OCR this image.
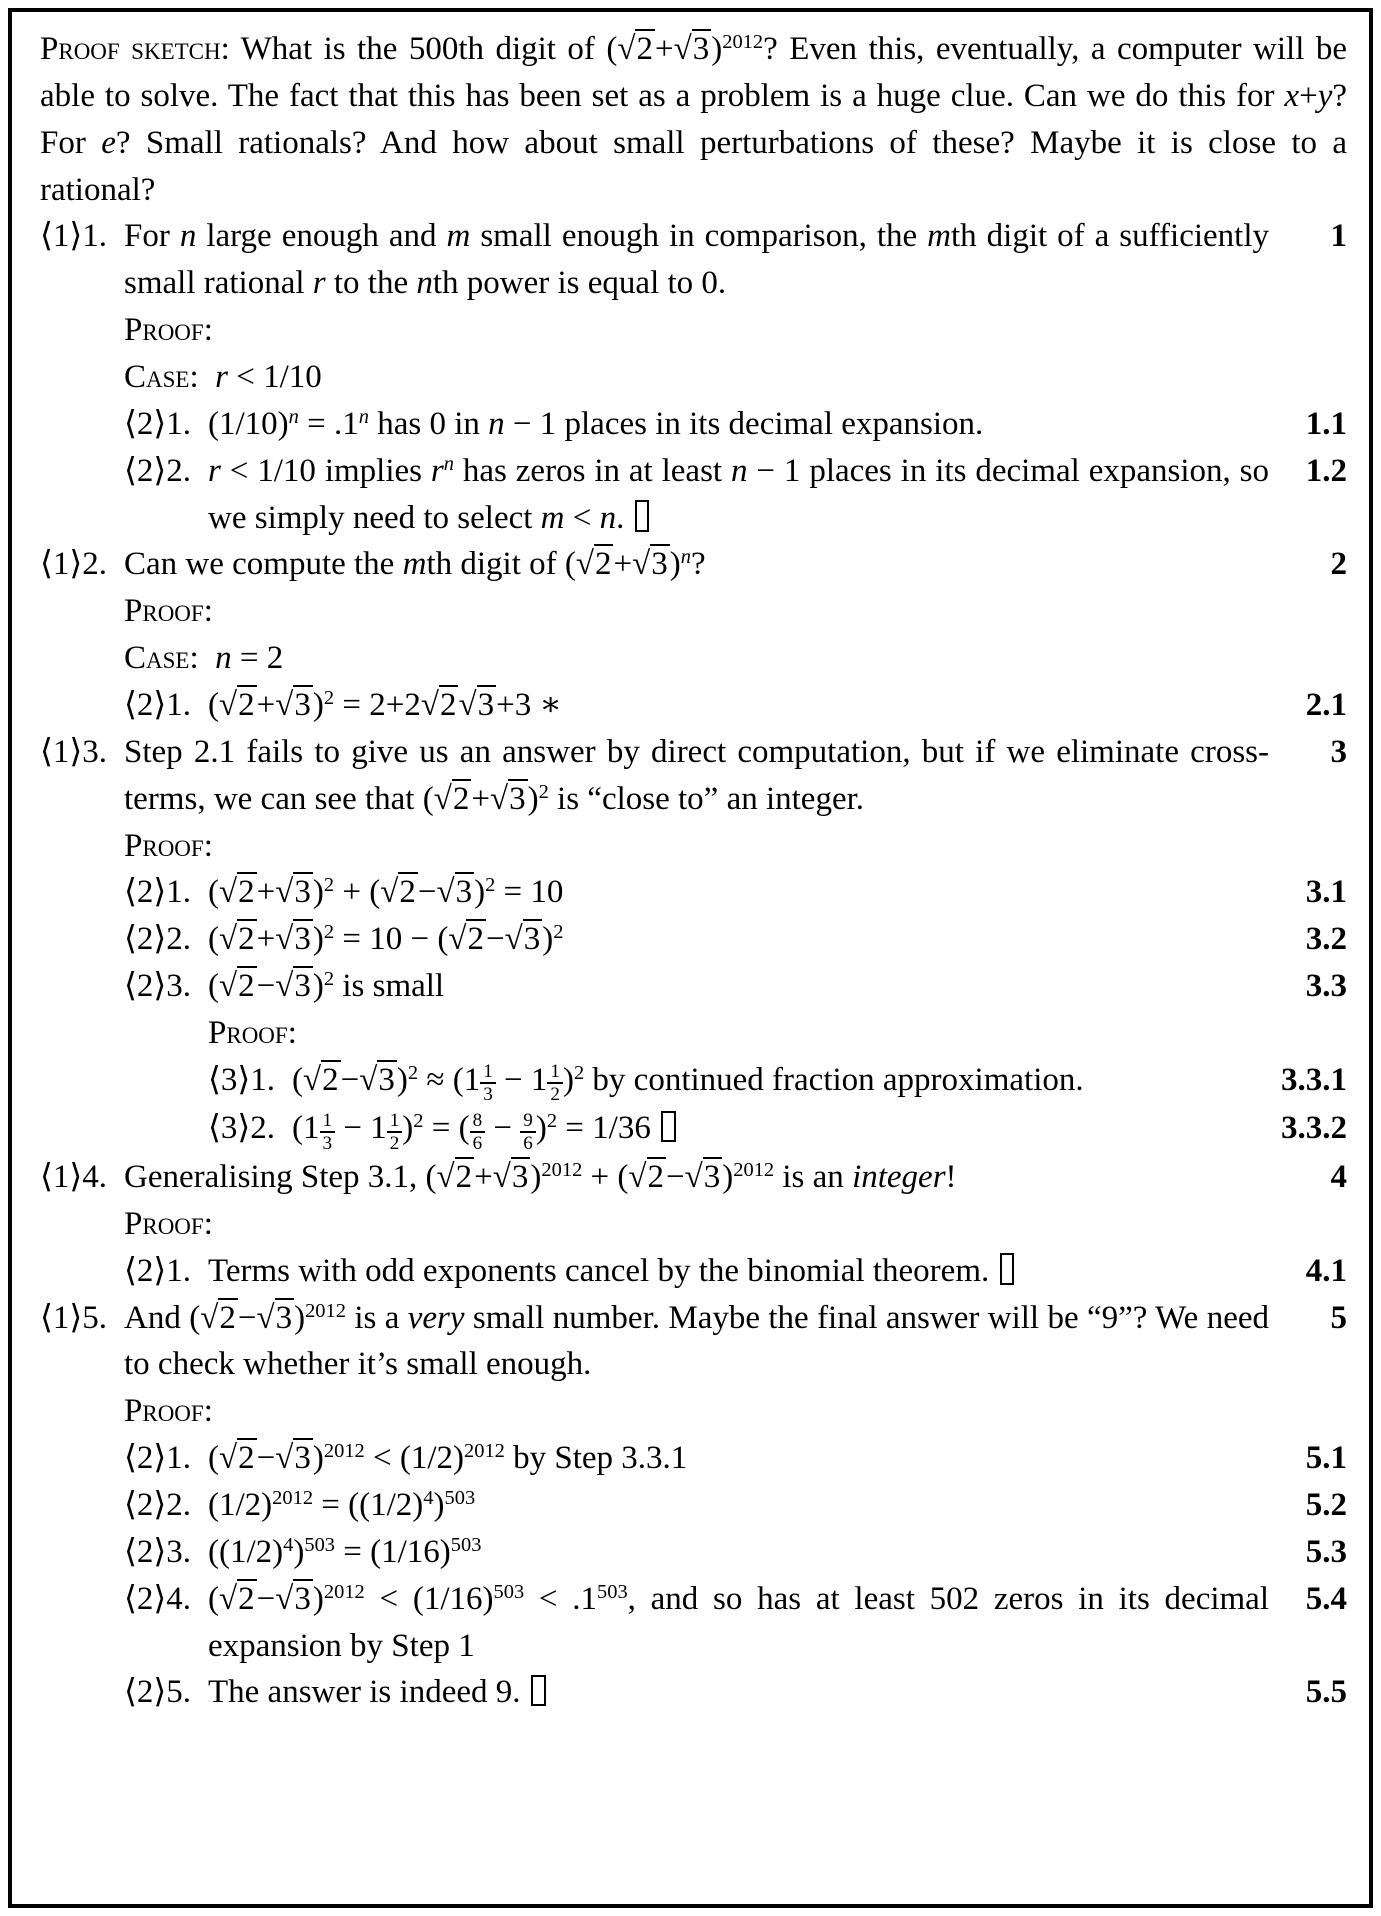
Proof sketch: What is the 500th digit of $(√2+√3)^{2012}$? Even this, eventually, a computer will be able to solve. The fact that this has been set as a problem is a huge clue. Can we do this for x+y? For e? Small rationals? And how about small perturbations of these? Maybe it is close to a rational?
⟨1⟩1. For n large enough and m small enough in comparison, the mth digit of a sufficiently small rational r to the nth power is equal to 0.
1
Proof:
Case: r < 1/10
⟨2⟩1. $(1/10)^n = .1^n$ has 0 in n − 1 places in its decimal expansion.	1.1
⟨2⟩2. r < 1/10 implies $r^n$ has zeros in at least n − 1 places in its decimal expansion, so we simply need to select m < n.
1.2
⟨1⟩2. Can we compute the mth digit of $(√2+√3)^n$?	2
Proof:
Case: n = 2
⟨2⟩1. $(√2+√3)^2 = 2+2√2√3+3$ ∗	2.1
⟨1⟩3. Step 2.1 fails to give us an answer by direct computation, but if we eliminate cross-terms, we can see that $(√2+√3)^2$ is “close to” an integer.
3
Proof:
⟨2⟩1. $(√2+√3)^2 + (√2-√3)^2 = 10$	3.1
⟨2⟩2. $(√2+√3)^2 = 10 - (√2-√3)^2$	3.2
⟨2⟩3. $(√2-√3)^2$ is small	3.3
Proof:
⟨3⟩1. $(√2-√3)^2 \approx (1 \frac{1}{3} - 1 \frac{1}{2} )^2$ by continued fraction approximation.	3.3.1
⟨3⟩2. $(1 \frac{1}{3} - 1 \frac{1}{2} )^2$ = ( $\frac{8}{6} - \frac{9}{6} )^2 = 1/36$	3.3.2
⟨1⟩4. Generalising Step 3.1, $(√2+√3)^{2012} + (√2-√3)^{2012}$ is an integer!	4
Proof:
⟨2⟩1. Terms with odd exponents cancel by the binomial theorem.	4.1
⟨1⟩5. And $(√2-√3)^{2012}$ is a very small number. Maybe the final answer will be “9”? We need to check whether it’s small enough.
5
Proof:
⟨2⟩1. $(√2-√3)^{2012} < (1/2)^{2012}$ by Step 3.3.1	5.1
⟨2⟩2. $(1/2)^{2012} = ((1/2)^4)^{503}$	5.2
⟨2⟩3. $((1/2)^4)^{503} = (1/16)^{503}$	5.3
⟨2⟩4. $(√2-√3)^{2012} < (1/16)^{503} < .1^{503}$, and so has at least 502 zeros in its decimal expansion by Step 1
5.4
⟨2⟩5. The answer is indeed 9.	5.5
